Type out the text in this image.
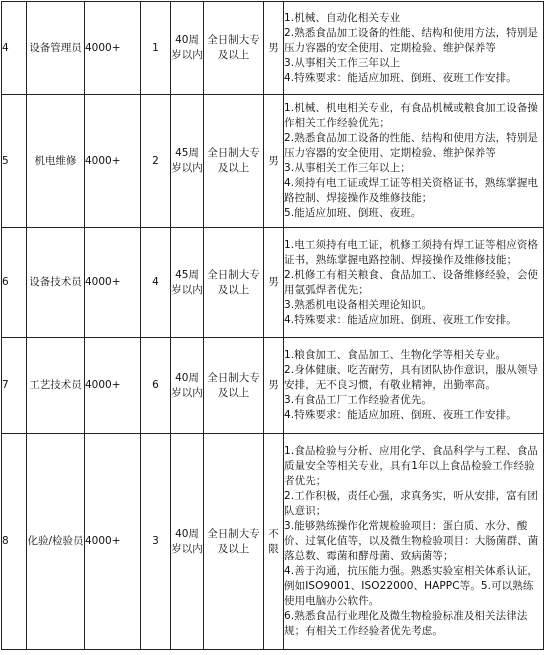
4	设备管理员	4000+	1	40周岁以内	全日制大专及以上	男	1.机械、自动化相关专业
2.熟悉食品加工设备的性能、结构和使用方法，特别是压力容器的安全使用、定期检验、维护保养等
3.从事相关工作三年以上
4.特殊要求：能适应加班、倒班、夜班工作安排。

5	机电维修	4000+	2	45周岁以内	全日制大专及以上	男	1.机械、机电相关专业，有食品机械或粮食加工设备操作相关工作经验优先；
2.熟悉食品加工设备的性能、结构和使用方法，特别是压力容器的安全使用、定期检验、维护保养等
3.从事相关工作三年以上；
4.须持有电工证或焊工证等相关资格证书，熟练掌握电路控制、焊接操作及维修技能；
5.能适应加班、倒班、夜班。

6	设备技术员	4000+	4	45周岁以内	全日制大专及以上	男	1.电工须持有电工证，机修工须持有焊工证等相应资格证书，熟练掌握电路控制、焊接操作及维修技能；
2.机修工有相关粮食、食品加工、设备维修经验，会使用氩弧焊者优先；
3.熟悉机电设备相关理论知识。
4.特殊要求：能适应加班、倒班、夜班工作安排。

7	工艺技术员	4000+	6	40周岁以内	全日制大专及以上	男	1.粮食加工、食品加工、生物化学等相关专业。
2.身体健康、吃苦耐劳，具有团队协作意识，服从领导安排，无不良习惯，有敬业精神，出勤率高。
3.有食品工厂工作经验者优先。
4.特殊要求：能适应加班、倒班、夜班工作安排。

8	化验/检验员	4000+	3	40周岁以内	全日制大专及以上	不限	1.食品检验与分析、应用化学、食品科学与工程、食品质量安全等相关专业，具有1年以上食品检验工作经验者优先；
2.工作积极，责任心强，求真务实，听从安排，富有团队意识；
3.能够熟练操作化常规检验项目：蛋白质、水分、酸价、过氧化值等，以及微生物检验项目：大肠菌群、菌落总数、霉菌和酵母菌、致病菌等；
4.善于沟通，抗压能力强。熟悉实验室相关体系认证，例如ISO9001、ISO22000、HAPPC等。5.可以熟练使用电脑办公软件。
6.熟悉食品行业理化及微生物检验标准及相关法律法规；有相关工作经验者优先考虑。
